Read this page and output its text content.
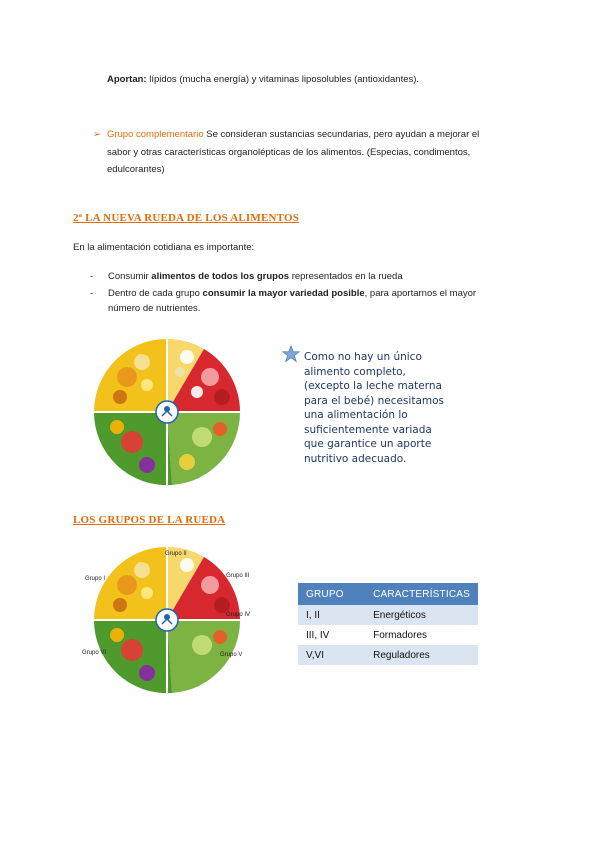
Aportan: lípidos (mucha energía) y vitaminas liposolubles (antioxidantes).
➢ Grupo complementario Se consideran sustancias secundarias, pero ayudan a mejorar el
sabor y otras características organolépticas de los alimentos. (Especias, condimentos,
edulcorantes)
2ª LA NUEVA RUEDA DE LOS ALIMENTOS
En la alimentación cotidiana es importante:
- Consumir alimentos de todos los grupos representados en la rueda
- Dentro de cada grupo consumir la mayor variedad posible, para aportarnos el mayor
número de nutrientes.
Como no hay un único
alimento completo,
(excepto la leche materna
para el bebé) necesitamos
una alimentación lo
suficientemente variada
que garantice un aporte
nutritivo adecuado.
LOS GRUPOS DE LA RUEDA
Grupo I
Grupo II
Grupo III
Grupo IV
Grupo V
Grupo VI
GRUPO	CARACTERÍSTICAS
I, II	Energéticos
III, IV	Formadores
V,VI	Reguladores
